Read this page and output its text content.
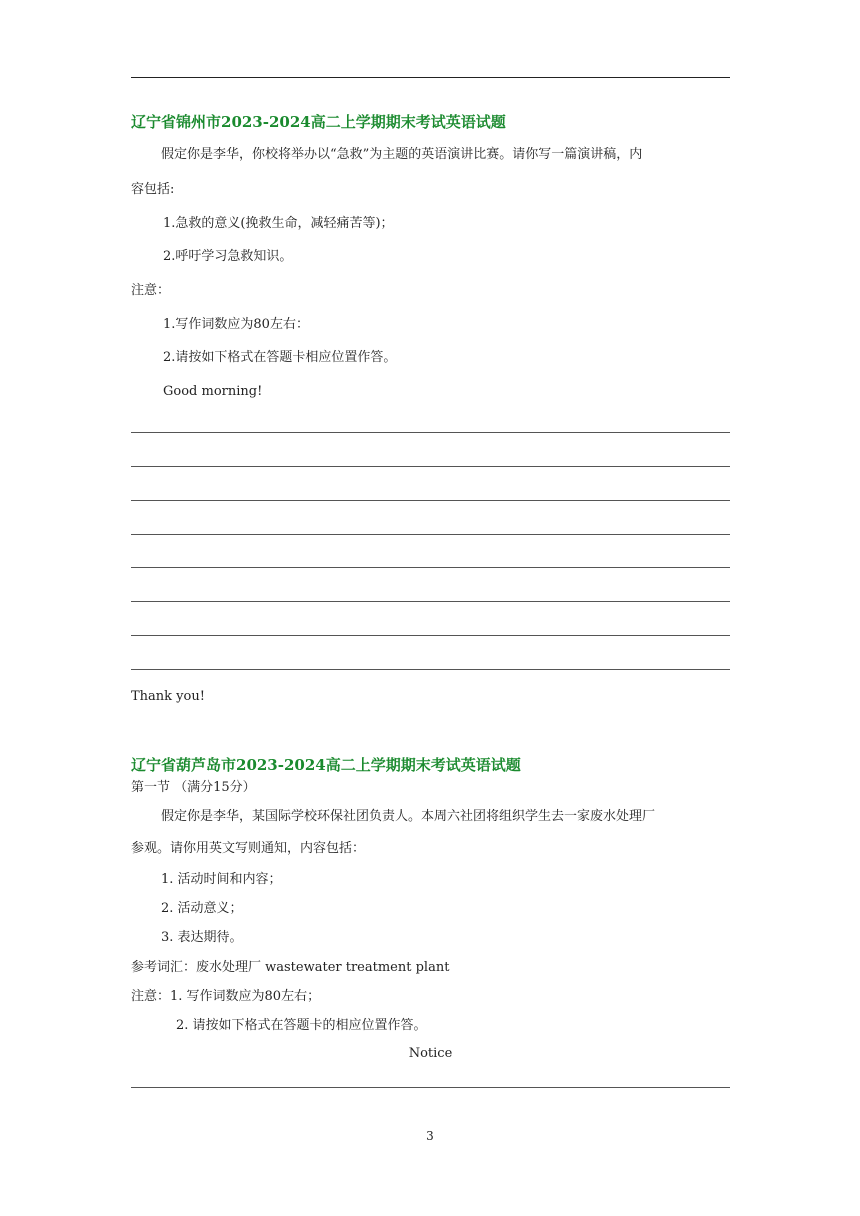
辽宁省锦州市2023-2024高二上学期期末考试英语试题
假定你是李华，你校将举办以“急救”为主题的英语演讲比赛。请你写一篇演讲稿，内
容包括:
1.急救的意义(挽救生命，减轻痛苦等)；
2.呼吁学习急救知识。
注意：
1.写作词数应为80左右：
2.请按如下格式在答题卡相应位置作答。
Good morning!
Thank you!
辽宁省葫芦岛市2023-2024高二上学期期末考试英语试题
第一节 （满分15分）
假定你是李华，某国际学校环保社团负责人。本周六社团将组织学生去一家废水处理厂
参观。请你用英文写则通知，内容包括：
1. 活动时间和内容；
2. 活动意义；
3. 表达期待。
参考词汇：废水处理厂 wastewater treatment plant
注意：1. 写作词数应为80左右；
2. 请按如下格式在答题卡的相应位置作答。
Notice
3
